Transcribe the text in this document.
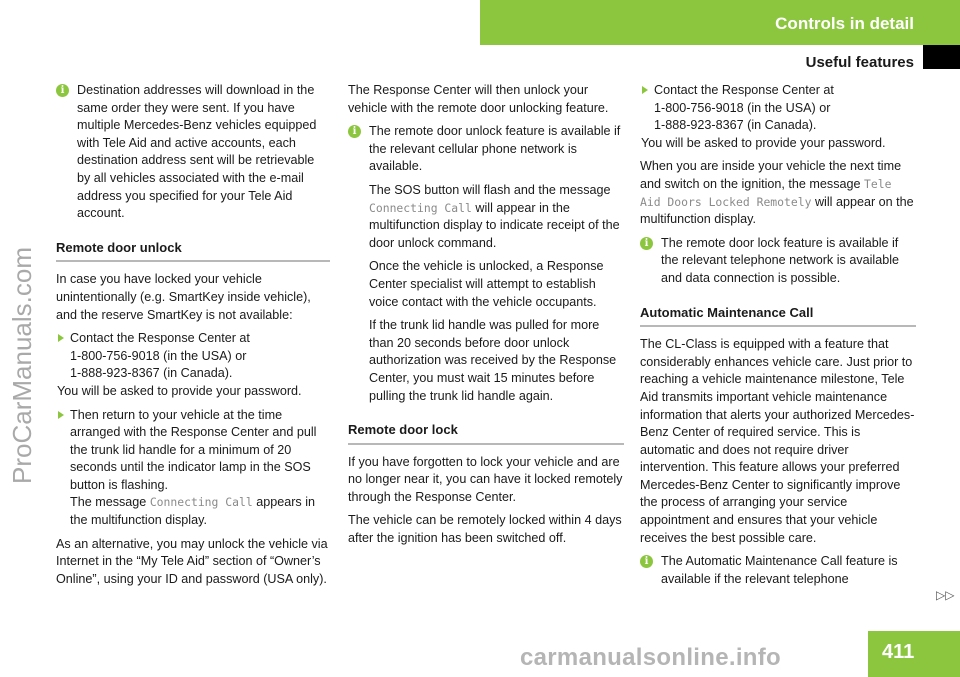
Controls in detail
Useful features
ProCarManuals.com
i Destination addresses will download in the same order they were sent. If you have multiple Mercedes-Benz vehicles equipped with Tele Aid and active accounts, each destination address sent will be retrievable by all vehicles associated with the e-mail address you specified for your Tele Aid account.

Remote door unlock

In case you have locked your vehicle unintentionally (e.g. SmartKey inside vehicle), and the reserve SmartKey is not available:

Contact the Response Center at
1-800-756-9018 (in the USA) or
1-888-923-8367 (in Canada).
You will be asked to provide your password.
Then return to your vehicle at the time arranged with the Response Center and pull the trunk lid handle for a minimum of 20 seconds until the indicator lamp in the SOS button is flashing.
The message Connecting Call appears in the multifunction display.

As an alternative, you may unlock the vehicle via Internet in the “My Tele Aid” section of “Owner’s Online”, using your ID and password (USA only).

The Response Center will then unlock your vehicle with the remote door unlocking feature.

i The remote door unlock feature is available if the relevant cellular phone network is available.

The SOS button will flash and the message Connecting Call will appear in the multifunction display to indicate receipt of the door unlock command.

Once the vehicle is unlocked, a Response Center specialist will attempt to establish voice contact with the vehicle occupants.

If the trunk lid handle was pulled for more than 20 seconds before door unlock authorization was received by the Response Center, you must wait 15 minutes before pulling the trunk lid handle again.

Remote door lock

If you have forgotten to lock your vehicle and are no longer near it, you can have it locked remotely through the Response Center.

The vehicle can be remotely locked within 4 days after the ignition has been switched off.

Contact the Response Center at
1-800-756-9018 (in the USA) or
1-888-923-8367 (in Canada).
You will be asked to provide your password.

When you are inside your vehicle the next time and switch on the ignition, the message Tele Aid Doors Locked Remotely will appear on the multifunction display.

i The remote door lock feature is available if the relevant telephone network is available and data connection is possible.

Automatic Maintenance Call

The CL-Class is equipped with a feature that considerably enhances vehicle care. Just prior to reaching a vehicle maintenance milestone, Tele Aid transmits important vehicle maintenance information that alerts your authorized Mercedes-Benz Center of required service. This is automatic and does not require driver intervention. This feature allows your preferred Mercedes-Benz Center to significantly improve the process of arranging your service appointment and ensures that your vehicle receives the best possible care.

i The Automatic Maintenance Call feature is available if the relevant telephone

▷▷
411
carmanualsonline.info
